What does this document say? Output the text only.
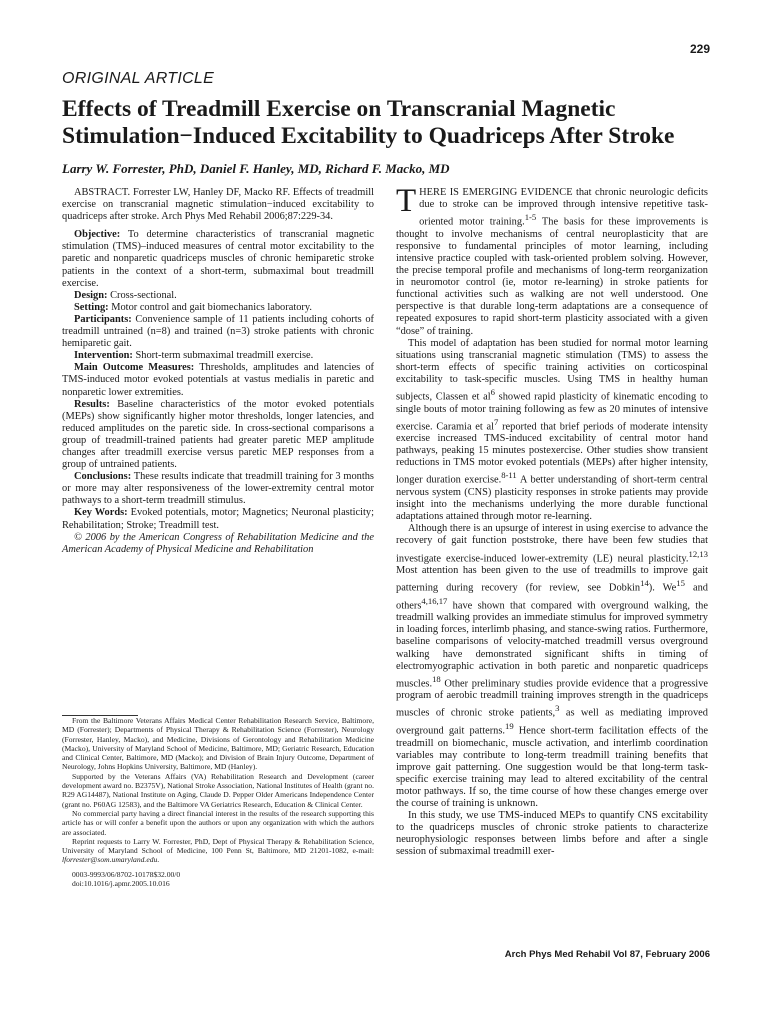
229
ORIGINAL ARTICLE
Effects of Treadmill Exercise on Transcranial Magnetic Stimulation−Induced Excitability to Quadriceps After Stroke
Larry W. Forrester, PhD, Daniel F. Hanley, MD, Richard F. Macko, MD

ABSTRACT. Forrester LW, Hanley DF, Macko RF. Effects of treadmill exercise on transcranial magnetic stimulation−induced excitability to quadriceps after stroke. Arch Phys Med Rehabil 2006;87:229-34.

Objective: To determine characteristics of transcranial magnetic stimulation (TMS)–induced measures of central motor excitability to the paretic and nonparetic quadriceps muscles of chronic hemiparetic stroke patients in the context of a short-term, submaximal bout treadmill exercise.

Design: Cross-sectional.

Setting: Motor control and gait biomechanics laboratory.

Participants: Convenience sample of 11 patients including cohorts of treadmill untrained (n=8) and trained (n=3) stroke patients with chronic hemiparetic gait.

Intervention: Short-term submaximal treadmill exercise.

Main Outcome Measures: Thresholds, amplitudes and latencies of TMS-induced motor evoked potentials at vastus medialis in paretic and nonparetic lower extremities.

Results: Baseline characteristics of the motor evoked potentials (MEPs) show significantly higher motor thresholds, longer latencies, and reduced amplitudes on the paretic side. In cross-sectional comparisons a group of treadmill-trained patients had greater paretic MEP amplitude changes after treadmill exercise versus paretic MEP responses from a group of untrained patients.

Conclusions: These results indicate that treadmill training for 3 months or more may alter responsiveness of the lower-extremity central motor pathways to a short-term treadmill stimulus.

Key Words: Evoked potentials, motor; Magnetics; Neuronal plasticity; Rehabilitation; Stroke; Treadmill test.

© 2006 by the American Congress of Rehabilitation Medicine and the American Academy of Physical Medicine and Rehabilitation

From the Baltimore Veterans Affairs Medical Center Rehabilitation Research Service, Baltimore, MD (Forrester); Departments of Physical Therapy & Rehabilitation Science (Forrester), Neurology (Forrester, Hanley, Macko), and Medicine, Divisions of Gerontology and Rehabilitation Medicine (Macko), University of Maryland School of Medicine, Baltimore, MD; Geriatric Research, Education and Clinical Center, Baltimore, MD (Macko); and Division of Brain Injury Outcome, Department of Neurology, Johns Hopkins University, Baltimore, MD (Hanley).

Supported by the Veterans Affairs (VA) Rehabilitation Research and Development (career development award no. B2375V), National Stroke Association, National Institutes of Health (grant no. R29 AG14487), National Institute on Aging, Claude D. Pepper Older Americans Independence Center (grant no. P60AG 12583), and the Baltimore VA Geriatrics Research, Education & Clinical Center.

No commercial party having a direct financial interest in the results of the research supporting this article has or will confer a benefit upon the authors or upon any organization with which the authors are associated.

Reprint requests to Larry W. Forrester, PhD, Dept of Physical Therapy & Rehabilitation Science, University of Maryland School of Medicine, 100 Penn St, Baltimore, MD 21201-1082, e-mail: lforrester@som.umaryland.edu.

0003-9993/06/8702-10178$32.00/0

doi:10.1016/j.apmr.2005.10.016

THERE IS EMERGING EVIDENCE that chronic neurologic deficits due to stroke can be improved through intensive repetitive task-oriented motor training.$^{1-5}$ The basis for these improvements is thought to involve mechanisms of central neuroplasticity that are responsive to fundamental principles of motor learning, including intensive practice coupled with task-oriented problem solving. However, the precise temporal profile and mechanisms of long-term reorganization in neuromotor control (ie, motor re-learning) in stroke patients for functional activities such as walking are not well understood. One perspective is that durable long-term adaptations are a consequence of repeated exposures to rapid short-term plasticity associated with a given “dose” of training.

This model of adaptation has been studied for normal motor learning situations using transcranial magnetic stimulation (TMS) to assess the short-term effects of specific training activities on corticospinal excitability to task-specific muscles. Using TMS in healthy human subjects, Classen et $al^6$ showed rapid plasticity of kinematic encoding to single bouts of motor training following as few as 20 minutes of intensive exercise. Caramia et $al^7$ reported that brief periods of moderate intensity exercise increased TMS-induced excitability of central motor hand pathways, peaking 15 minutes postexercise. Other studies show transient reductions in TMS motor evoked potentials (MEPs) after higher intensity, longer duration exercise.$^{8-11}$ A better understanding of short-term central nervous system (CNS) plasticity responses in stroke patients may provide insight into the mechanisms underlying the more durable functional adaptations attained through motor re-learning.

Although there is an upsurge of interest in using exercise to advance the recovery of gait function poststroke, there have been few studies that investigate exercise-induced lower-extremity (LE) neural plasticity.$^{12,13}$ Most attention has been given to the use of treadmills to improve gait patterning during recovery (for review, see Dobkin$^{14}$). We$^{15}$ and others$^{4,16,17}$ have shown that compared with overground walking, the treadmill walking provides an immediate stimulus for improved symmetry in loading forces, interlimb phasing, and stance-swing ratios. Furthermore, baseline comparisons of velocity-matched treadmill versus overground walking have demonstrated significant shifts in timing of electromyographic activation in both paretic and nonparetic quadriceps muscles.$^{18}$ Other preliminary studies provide evidence that a progressive program of aerobic treadmill training improves strength in the quadriceps muscles of chronic stroke patients,$^3$ as well as mediating improved overground gait patterns.$^{19}$ Hence short-term facilitation effects of the treadmill on biomechanic, muscle activation, and interlimb coordination variables may contribute to long-term treadmill training benefits that improve gait patterning. One suggestion would be that long-term task-specific exercise training may lead to altered excitability of the central motor pathways. If so, the time course of how these changes emerge over the course of training is unknown.

In this study, we use TMS-induced MEPs to quantify CNS excitability to the quadriceps muscles of chronic stroke patients to characterize neurophysiologic responses between limbs before and after a single session of submaximal treadmill exer-

Arch Phys Med Rehabil Vol 87, February 2006
